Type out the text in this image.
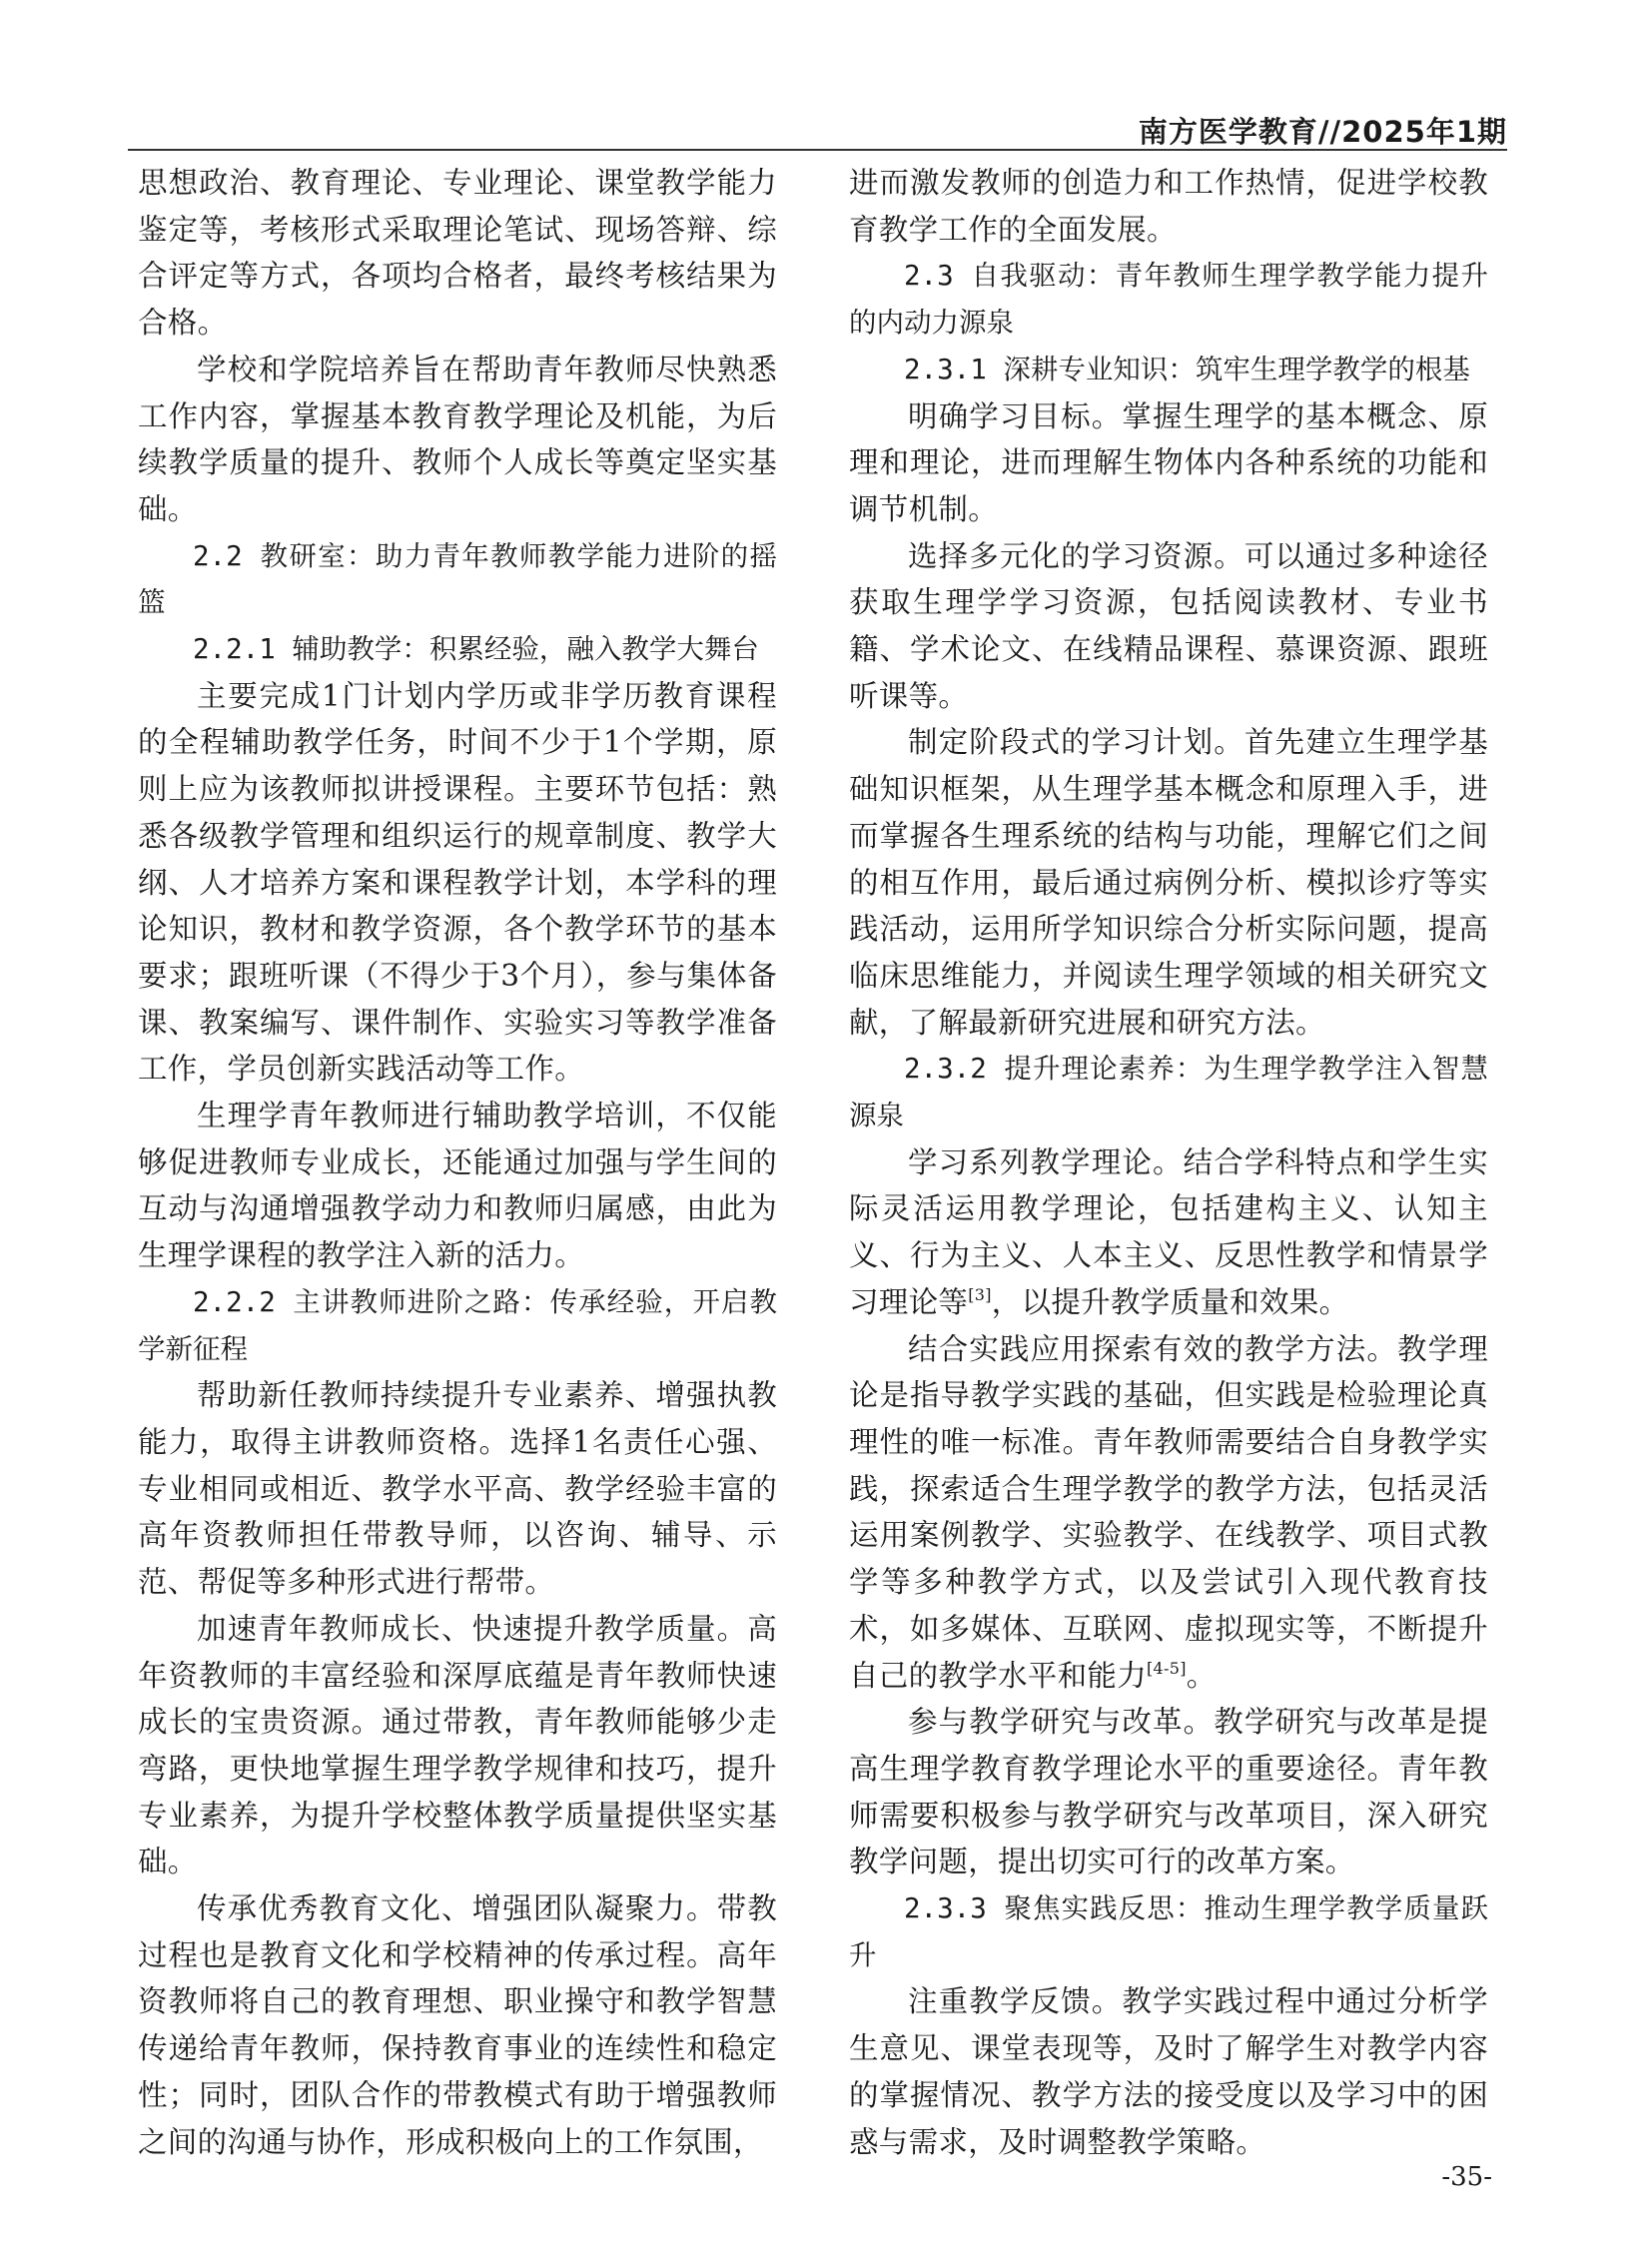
南方医学教育//2025年1期

思想政治、教育理论、专业理论、课堂教学能力鉴定等，考核形式采取理论笔试、现场答辩、综合评定等方式，各项均合格者，最终考核结果为合格。

学校和学院培养旨在帮助青年教师尽快熟悉工作内容，掌握基本教育教学理论及机能，为后续教学质量的提升、教师个人成长等奠定坚实基础。

2.2 教研室：助力青年教师教学能力进阶的摇篮

2.2.1 辅助教学：积累经验，融入教学大舞台

主要完成1门计划内学历或非学历教育课程的全程辅助教学任务，时间不少于1个学期，原则上应为该教师拟讲授课程。主要环节包括：熟悉各级教学管理和组织运行的规章制度、教学大纲、人才培养方案和课程教学计划，本学科的理论知识，教材和教学资源，各个教学环节的基本要求；跟班听课（不得少于3个月），参与集体备课、教案编写、课件制作、实验实习等教学准备工作，学员创新实践活动等工作。

生理学青年教师进行辅助教学培训，不仅能够促进教师专业成长，还能通过加强与学生间的互动与沟通增强教学动力和教师归属感，由此为生理学课程的教学注入新的活力。

2.2.2 主讲教师进阶之路：传承经验，开启教学新征程

帮助新任教师持续提升专业素养、增强执教能力，取得主讲教师资格。选择1名责任心强、专业相同或相近、教学水平高、教学经验丰富的高年资教师担任带教导师，以咨询、辅导、示范、帮促等多种形式进行帮带。

加速青年教师成长、快速提升教学质量。高年资教师的丰富经验和深厚底蕴是青年教师快速成长的宝贵资源。通过带教，青年教师能够少走弯路，更快地掌握生理学教学规律和技巧，提升专业素养，为提升学校整体教学质量提供坚实基础。

传承优秀教育文化、增强团队凝聚力。带教过程也是教育文化和学校精神的传承过程。高年资教师将自己的教育理想、职业操守和教学智慧传递给青年教师，保持教育事业的连续性和稳定性；同时，团队合作的带教模式有助于增强教师之间的沟通与协作，形成积极向上的工作氛围，

进而激发教师的创造力和工作热情，促进学校教育教学工作的全面发展。

2.3 自我驱动：青年教师生理学教学能力提升的内动力源泉

2.3.1 深耕专业知识：筑牢生理学教学的根基

明确学习目标。掌握生理学的基本概念、原理和理论，进而理解生物体内各种系统的功能和调节机制。

选择多元化的学习资源。可以通过多种途径获取生理学学习资源，包括阅读教材、专业书籍、学术论文、在线精品课程、慕课资源、跟班听课等。

制定阶段式的学习计划。首先建立生理学基础知识框架，从生理学基本概念和原理入手，进而掌握各生理系统的结构与功能，理解它们之间的相互作用，最后通过病例分析、模拟诊疗等实践活动，运用所学知识综合分析实际问题，提高临床思维能力，并阅读生理学领域的相关研究文献，了解最新研究进展和研究方法。

2.3.2 提升理论素养：为生理学教学注入智慧源泉

学习系列教学理论。结合学科特点和学生实际灵活运用教学理论，包括建构主义、认知主义、行为主义、人本主义、反思性教学和情景学习理论等[3]，以提升教学质量和效果。

结合实践应用探索有效的教学方法。教学理论是指导教学实践的基础，但实践是检验理论真理性的唯一标准。青年教师需要结合自身教学实践，探索适合生理学教学的教学方法，包括灵活运用案例教学、实验教学、在线教学、项目式教学等多种教学方式，以及尝试引入现代教育技术，如多媒体、互联网、虚拟现实等，不断提升自己的教学水平和能力[4-5]。

参与教学研究与改革。教学研究与改革是提高生理学教育教学理论水平的重要途径。青年教师需要积极参与教学研究与改革项目，深入研究教学问题，提出切实可行的改革方案。

2.3.3 聚焦实践反思：推动生理学教学质量跃升

注重教学反馈。教学实践过程中通过分析学生意见、课堂表现等，及时了解学生对教学内容的掌握情况、教学方法的接受度以及学习中的困惑与需求，及时调整教学策略。

-35-
